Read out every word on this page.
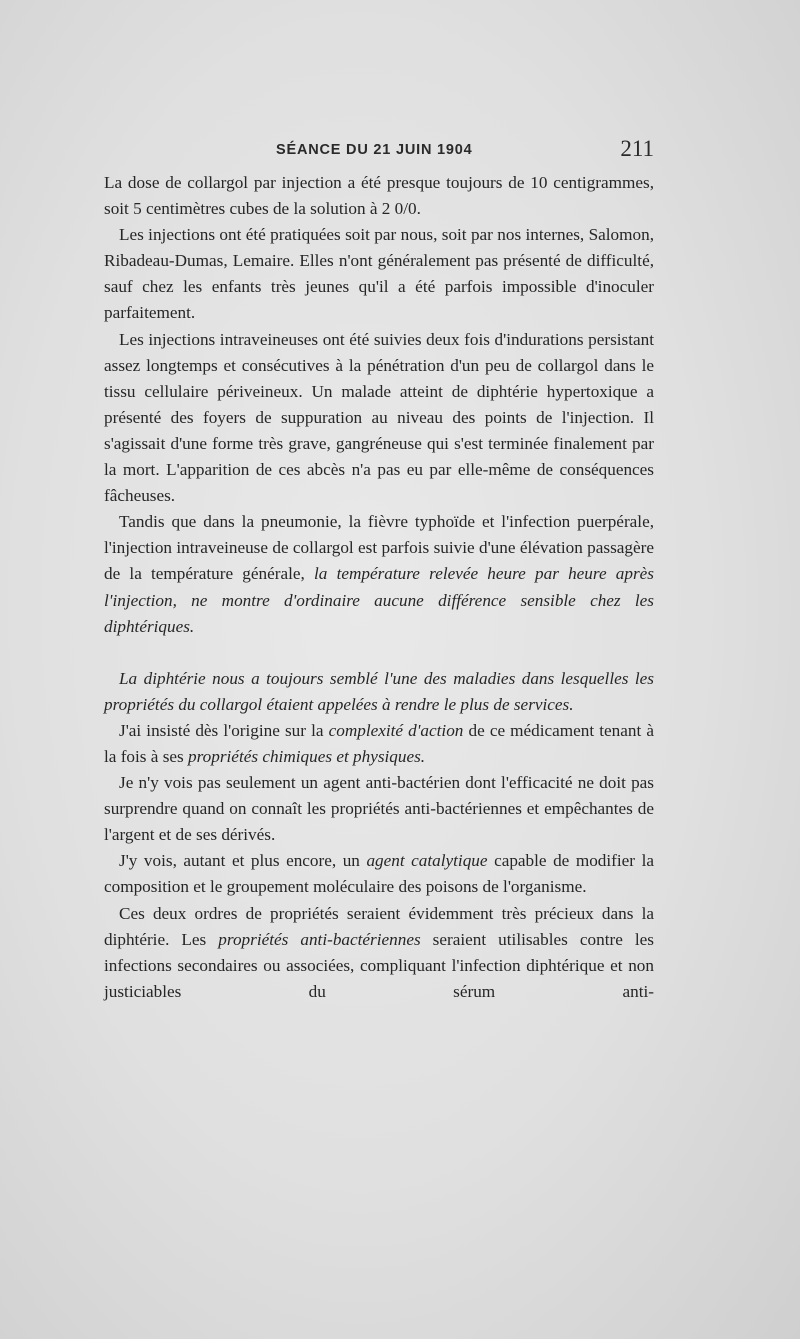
SÉANCE DU 21 JUIN 1904	211

La dose de collargol par injection a été presque toujours de 10 centigrammes, soit 5 centimètres cubes de la solution à 2 0/0.

Les injections ont été pratiquées soit par nous, soit par nos internes, Salomon, Ribadeau-Dumas, Lemaire. Elles n'ont généralement pas présenté de difficulté, sauf chez les enfants très jeunes qu'il a été parfois impossible d'inoculer parfaitement.

Les injections intraveineuses ont été suivies deux fois d'indurations persistant assez longtemps et consécutives à la pénétration d'un peu de collargol dans le tissu cellulaire périveineux. Un malade atteint de diphtérie hypertoxique a présenté des foyers de suppuration au niveau des points de l'injection. Il s'agissait d'une forme très grave, gangréneuse qui s'est terminée finalement par la mort. L'apparition de ces abcès n'a pas eu par elle-même de conséquences fâcheuses.

Tandis que dans la pneumonie, la fièvre typhoïde et l'infection puerpérale, l'injection intraveineuse de collargol est parfois suivie d'une élévation passagère de la température générale, la température relevée heure par heure après l'injection, ne montre d'ordinaire aucune différence sensible chez les diphtériques.

La diphtérie nous a toujours semblé l'une des maladies dans lesquelles les propriétés du collargol étaient appelées à rendre le plus de services.

J'ai insisté dès l'origine sur la complexité d'action de ce médicament tenant à la fois à ses propriétés chimiques et physiques.

Je n'y vois pas seulement un agent anti-bactérien dont l'efficacité ne doit pas surprendre quand on connaît les propriétés anti-bactériennes et empêchantes de l'argent et de ses dérivés.

J'y vois, autant et plus encore, un agent catalytique capable de modifier la composition et le groupement moléculaire des poisons de l'organisme.

Ces deux ordres de propriétés seraient évidemment très précieux dans la diphtérie. Les propriétés anti-bactériennes seraient utilisables contre les infections secondaires ou associées, compliquant l'infection diphtérique et non justiciables du sérum anti-
